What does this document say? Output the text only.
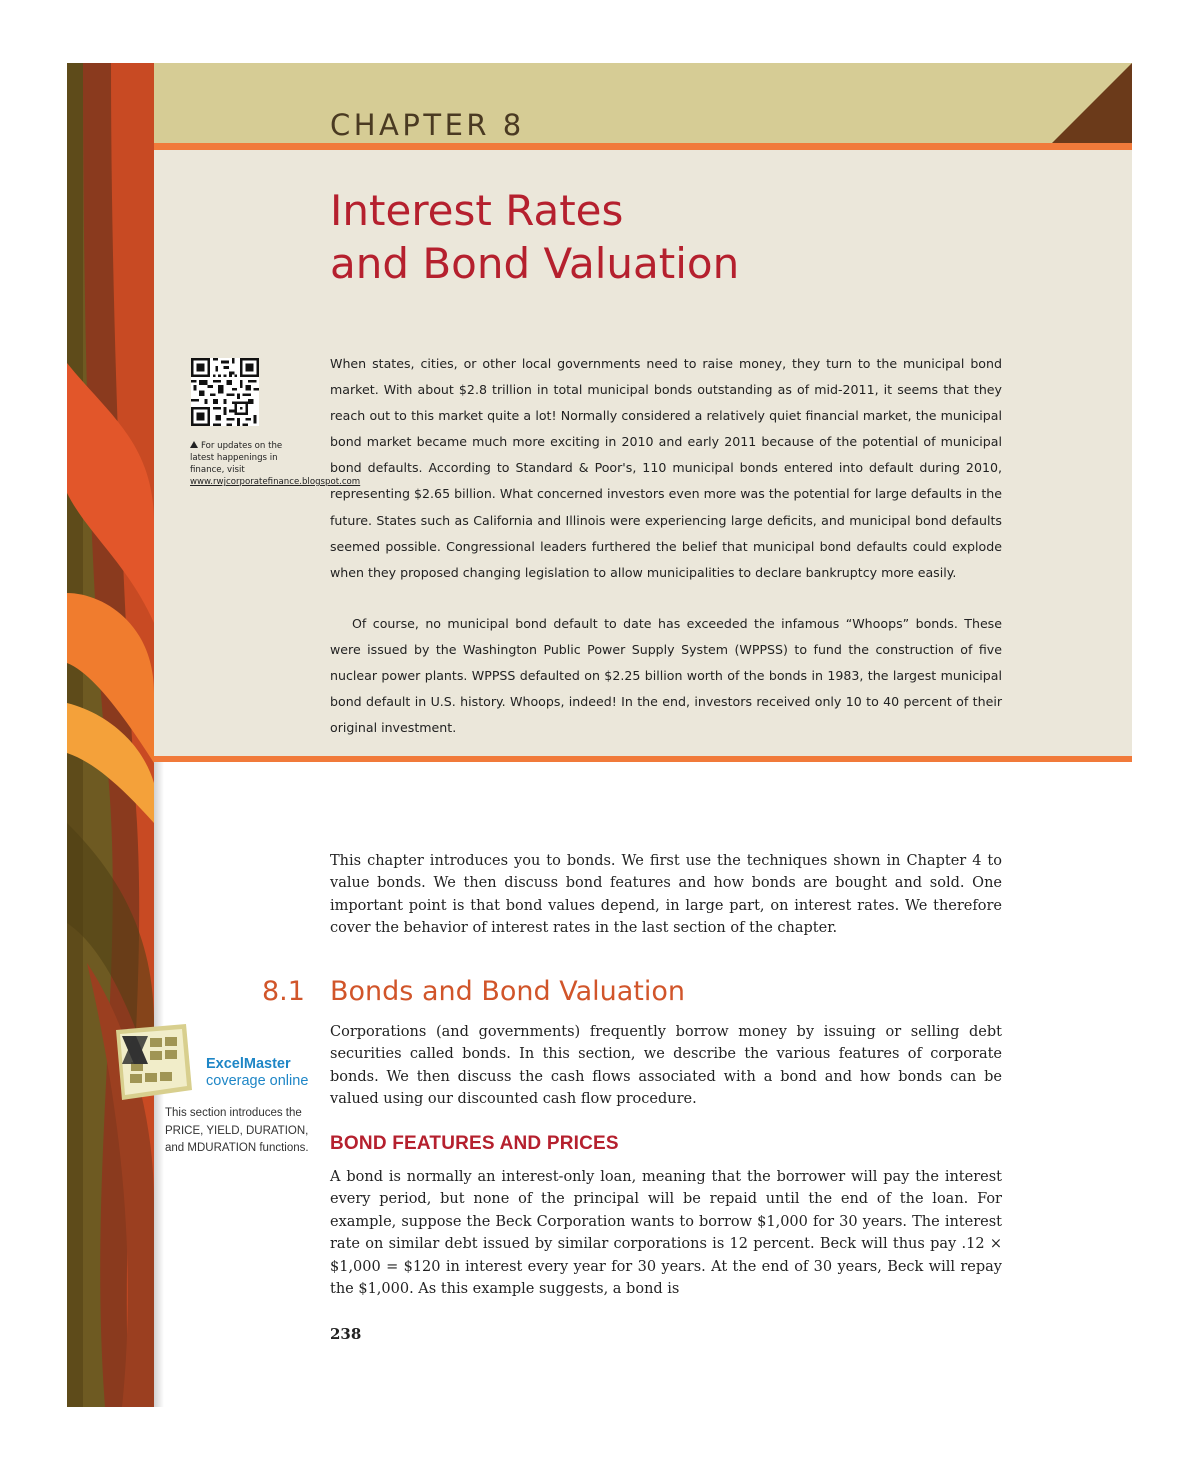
CHAPTER 8
Interest Rates
and Bond Valuation
For updates on the latest happenings in finance, visit www.rwjcorporatefinance.blogspot.com
When states, cities, or other local governments need to raise money, they turn to the municipal bond market. With about $2.8 trillion in total municipal bonds outstanding as of mid-2011, it seems that they reach out to this market quite a lot! Normally considered a relatively quiet financial market, the municipal bond market became much more exciting in 2010 and early 2011 because of the potential of municipal bond defaults. According to Standard & Poor's, 110 municipal bonds entered into default during 2010, representing $2.65 billion. What concerned investors even more was the potential for large defaults in the future. States such as California and Illinois were experiencing large deficits, and municipal bond defaults seemed possible. Congressional leaders furthered the belief that municipal bond defaults could explode when they proposed changing legislation to allow municipalities to declare bankruptcy more easily.
Of course, no municipal bond default to date has exceeded the infamous “Whoops” bonds. These were issued by the Washington Public Power Supply System (WPPSS) to fund the construction of five nuclear power plants. WPPSS defaulted on $2.25 billion worth of the bonds in 1983, the largest municipal bond default in U.S. history. Whoops, indeed! In the end, investors received only 10 to 40 percent of their original investment.
This chapter introduces you to bonds. We first use the techniques shown in Chapter 4 to value bonds. We then discuss bond features and how bonds are bought and sold. One important point is that bond values depend, in large part, on interest rates. We therefore cover the behavior of interest rates in the last section of the chapter.
8.1 Bonds and Bond Valuation
Corporations (and governments) frequently borrow money by issuing or selling debt securities called bonds. In this section, we describe the various features of corporate bonds. We then discuss the cash flows associated with a bond and how bonds can be valued using our discounted cash flow procedure.
BOND FEATURES AND PRICES
A bond is normally an interest-only loan, meaning that the borrower will pay the interest every period, but none of the principal will be repaid until the end of the loan. For example, suppose the Beck Corporation wants to borrow $1,000 for 30 years. The interest rate on similar debt issued by similar corporations is 12 percent. Beck will thus pay .12 × $1,000 = $120 in interest every year for 30 years. At the end of 30 years, Beck will repay the $1,000. As this example suggests, a bond is
ExcelMaster
coverage online
This section introduces the PRICE, YIELD, DURATION, and MDURATION functions.
238
